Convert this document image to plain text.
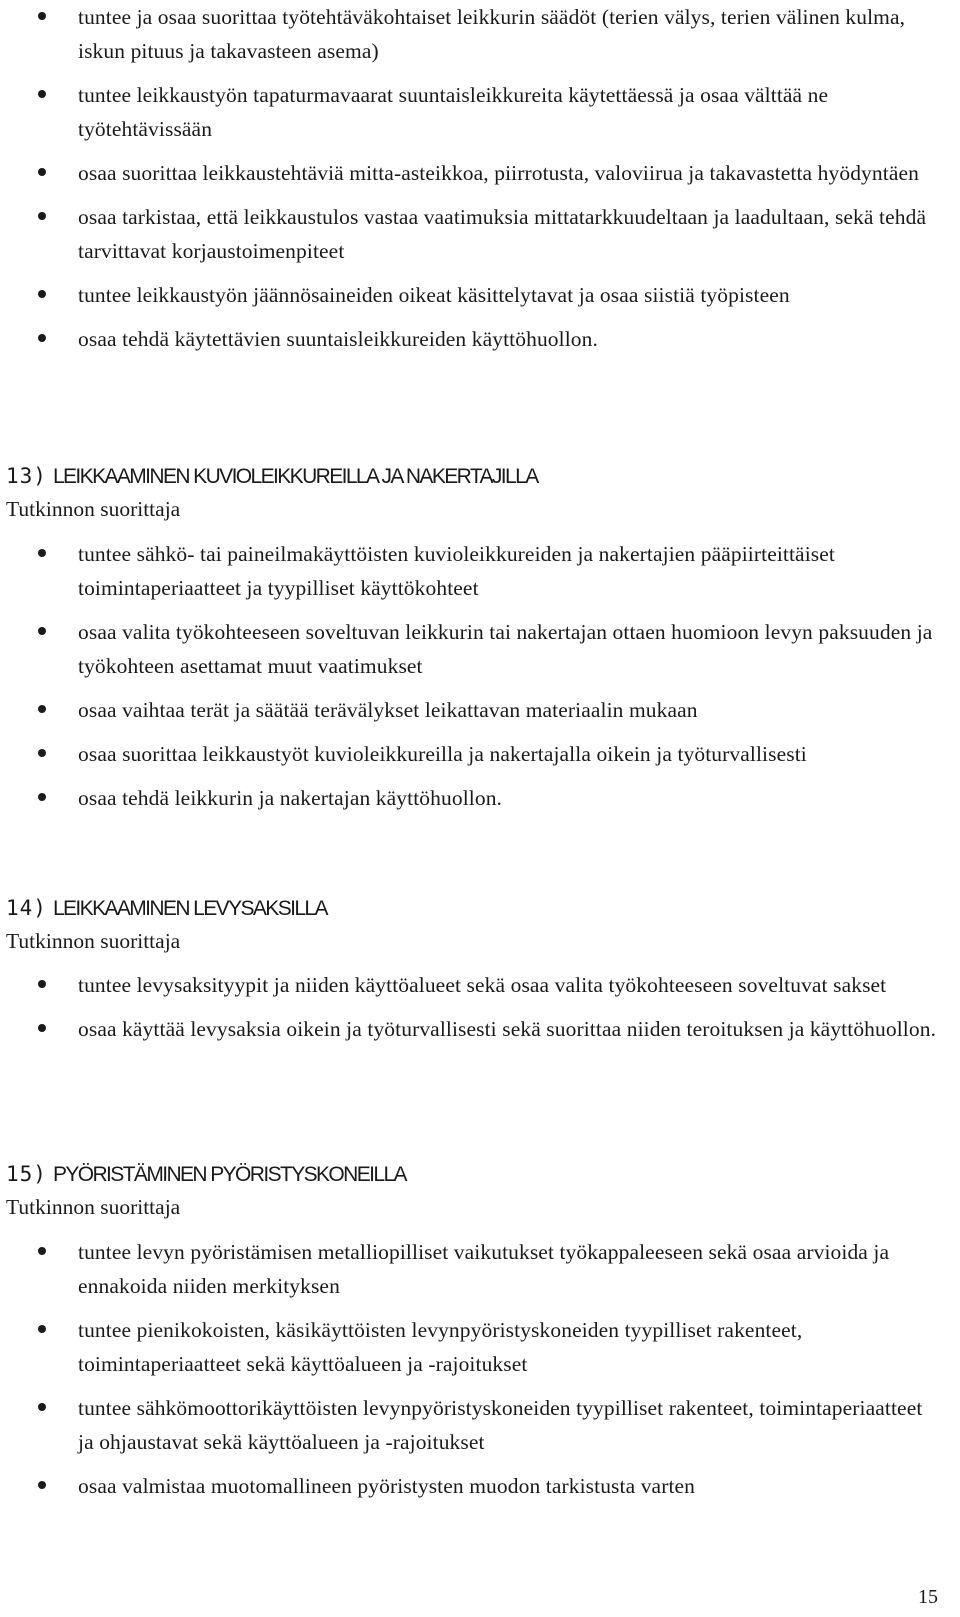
tuntee ja osaa suorittaa työtehtäväkohtaiset leikkurin säädöt (terien välys, terien välinen kulma, iskun pituus ja takavasteen asema)
tuntee leikkaustyön tapaturmavaarat suuntaisleikkureita käytettäessä ja osaa välttää ne työtehtävissään
osaa suorittaa leikkaustehtäviä mitta-asteikkoa, piirrotusta, valoviirua ja takavastetta hyödyntäen
osaa tarkistaa, että leikkaustulos vastaa vaatimuksia mittatarkkuudeltaan ja laadultaan, sekä tehdä tarvittavat korjaustoimenpiteet
tuntee leikkaustyön jäännösaineiden oikeat käsittelytavat ja osaa siistiä työpisteen
osaa tehdä käytettävien suuntaisleikkureiden käyttöhuollon.
13) LEIKKAAMINEN KUVIOLEIKKUREILLA JA NAKERTAJILLA
Tutkinnon suorittaja
tuntee sähkö- tai paineilmakäyttöisten kuvioleikkureiden ja nakertajien pääpiirteittäiset toimintaperiaatteet ja tyypilliset käyttökohteet
osaa valita työkohteeseen soveltuvan leikkurin tai nakertajan ottaen huomioon levyn paksuuden ja työkohteen asettamat muut vaatimukset
osaa vaihtaa terät ja säätää terävälykset leikattavan materiaalin mukaan
osaa suorittaa leikkaustyöt kuvioleikkureilla ja nakertajalla oikein ja työturvallisesti
osaa tehdä leikkurin ja nakertajan käyttöhuollon.
14) LEIKKAAMINEN LEVYSAKSILLA
Tutkinnon suorittaja
tuntee levysaksityypit ja niiden käyttöalueet sekä osaa valita työkohteeseen soveltuvat sakset
osaa käyttää levysaksia oikein ja työturvallisesti sekä suorittaa niiden teroituksen ja käyttöhuollon.
15) PYÖRISTÄMINEN PYÖRISTYSKONEILLA
Tutkinnon suorittaja
tuntee levyn pyöristämisen metalliopilliset vaikutukset työkappaleeseen sekä osaa arvioida ja ennakoida niiden merkityksen
tuntee pienikokoisten, käsikäyttöisten levynpyöristyskoneiden tyypilliset rakenteet, toimintaperiaatteet sekä käyttöalueen ja -rajoitukset
tuntee sähkömoottorikäyttöisten levynpyöristyskoneiden tyypilliset rakenteet, toimintaperiaatteet ja ohjaustavat sekä käyttöalueen ja -rajoitukset
osaa valmistaa muotomallineen pyöristysten muodon tarkistusta varten
15
